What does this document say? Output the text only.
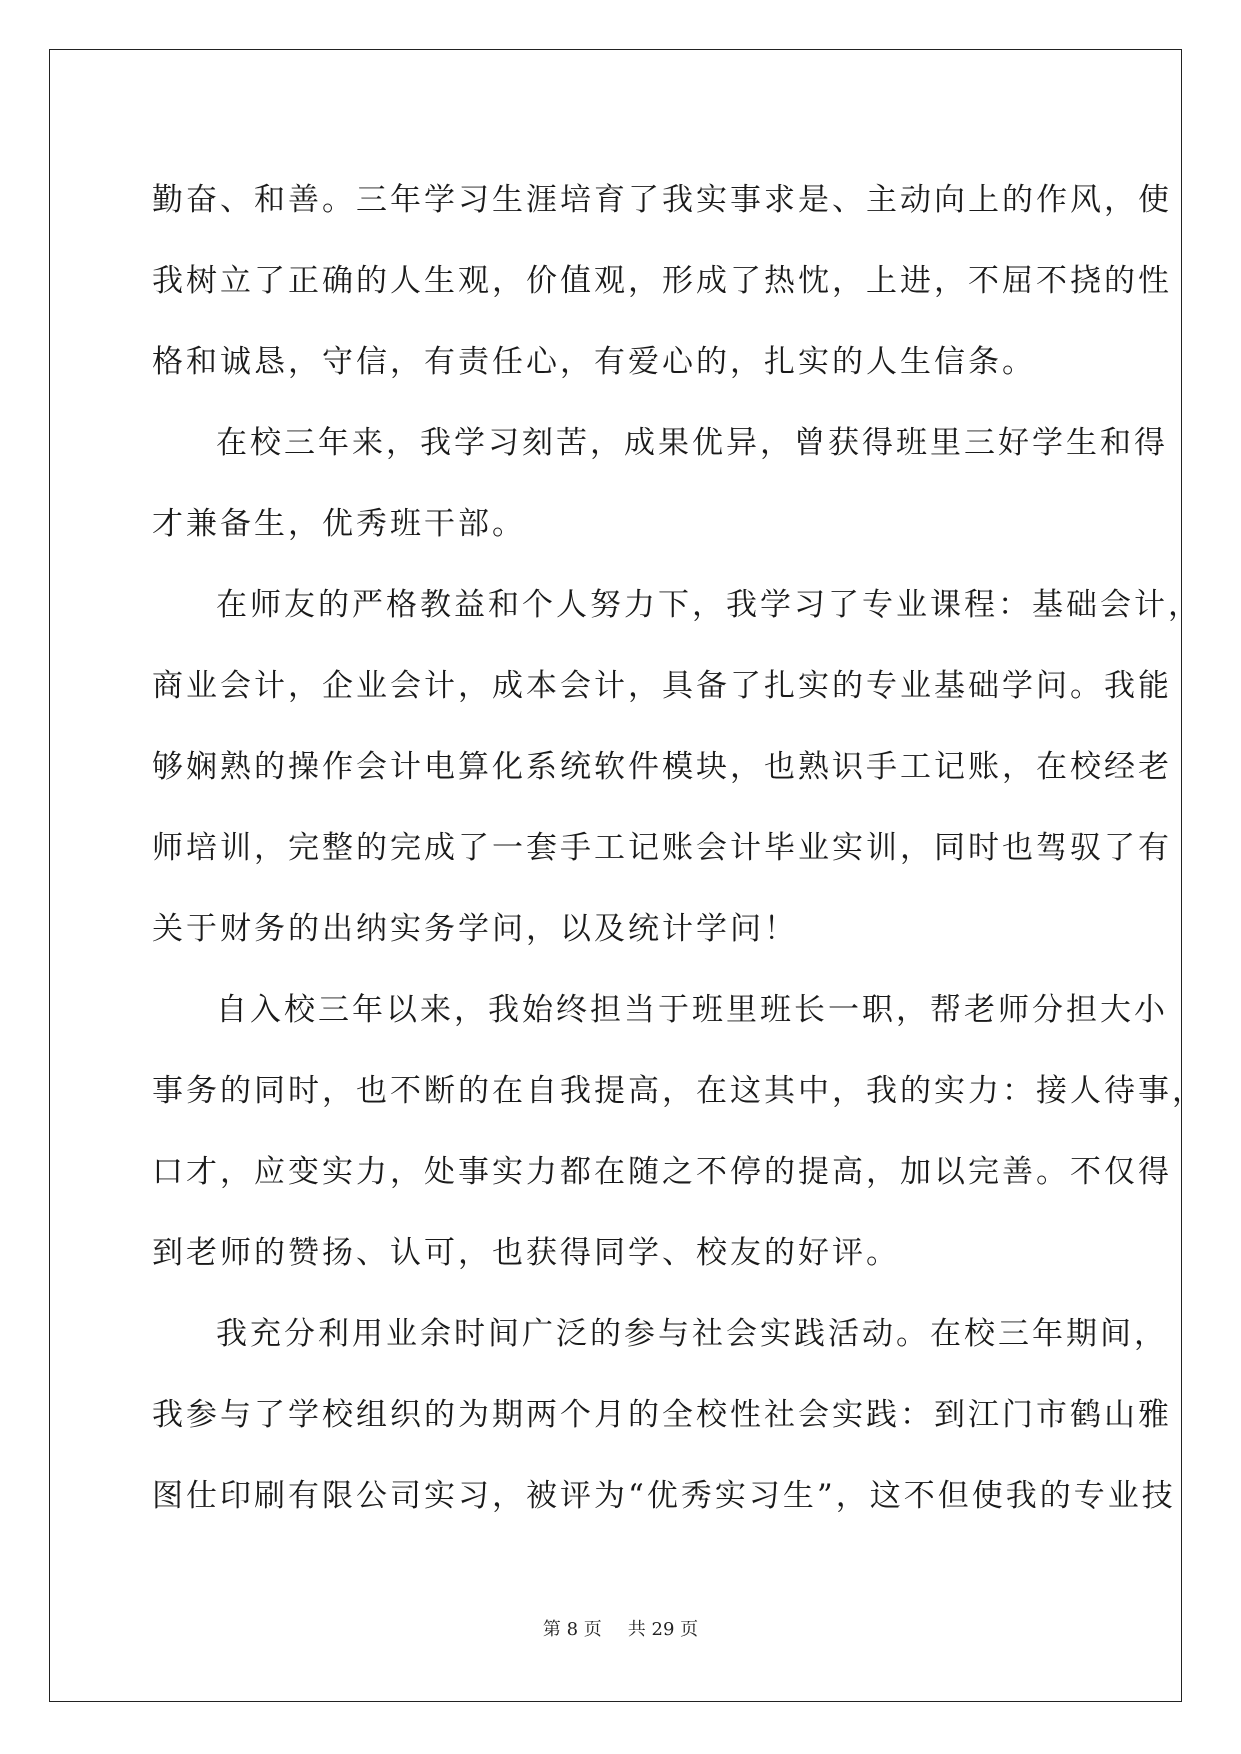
勤奋、和善。三年学习生涯培育了我实事求是、主动向上的作风，使
我树立了正确的人生观，价值观，形成了热忱，上进，不屈不挠的性
格和诚恳，守信，有责任心，有爱心的，扎实的人生信条。
在校三年来，我学习刻苦，成果优异，曾获得班里三好学生和得
才兼备生，优秀班干部。
在师友的严格教益和个人努力下，我学习了专业课程：基础会计，
商业会计，企业会计，成本会计，具备了扎实的专业基础学问。我能
够娴熟的操作会计电算化系统软件模块，也熟识手工记账，在校经老
师培训，完整的完成了一套手工记账会计毕业实训，同时也驾驭了有
关于财务的出纳实务学问，以及统计学问！
自入校三年以来，我始终担当于班里班长一职，帮老师分担大小
事务的同时，也不断的在自我提高，在这其中，我的实力：接人待事，
口才，应变实力，处事实力都在随之不停的提高，加以完善。不仅得
到老师的赞扬、认可，也获得同学、校友的好评。
我充分利用业余时间广泛的参与社会实践活动。在校三年期间，
我参与了学校组织的为期两个月的全校性社会实践：到江门市鹤山雅
图仕印刷有限公司实习，被评为“优秀实习生”，这不但使我的专业技
第 8 页 共 29 页
